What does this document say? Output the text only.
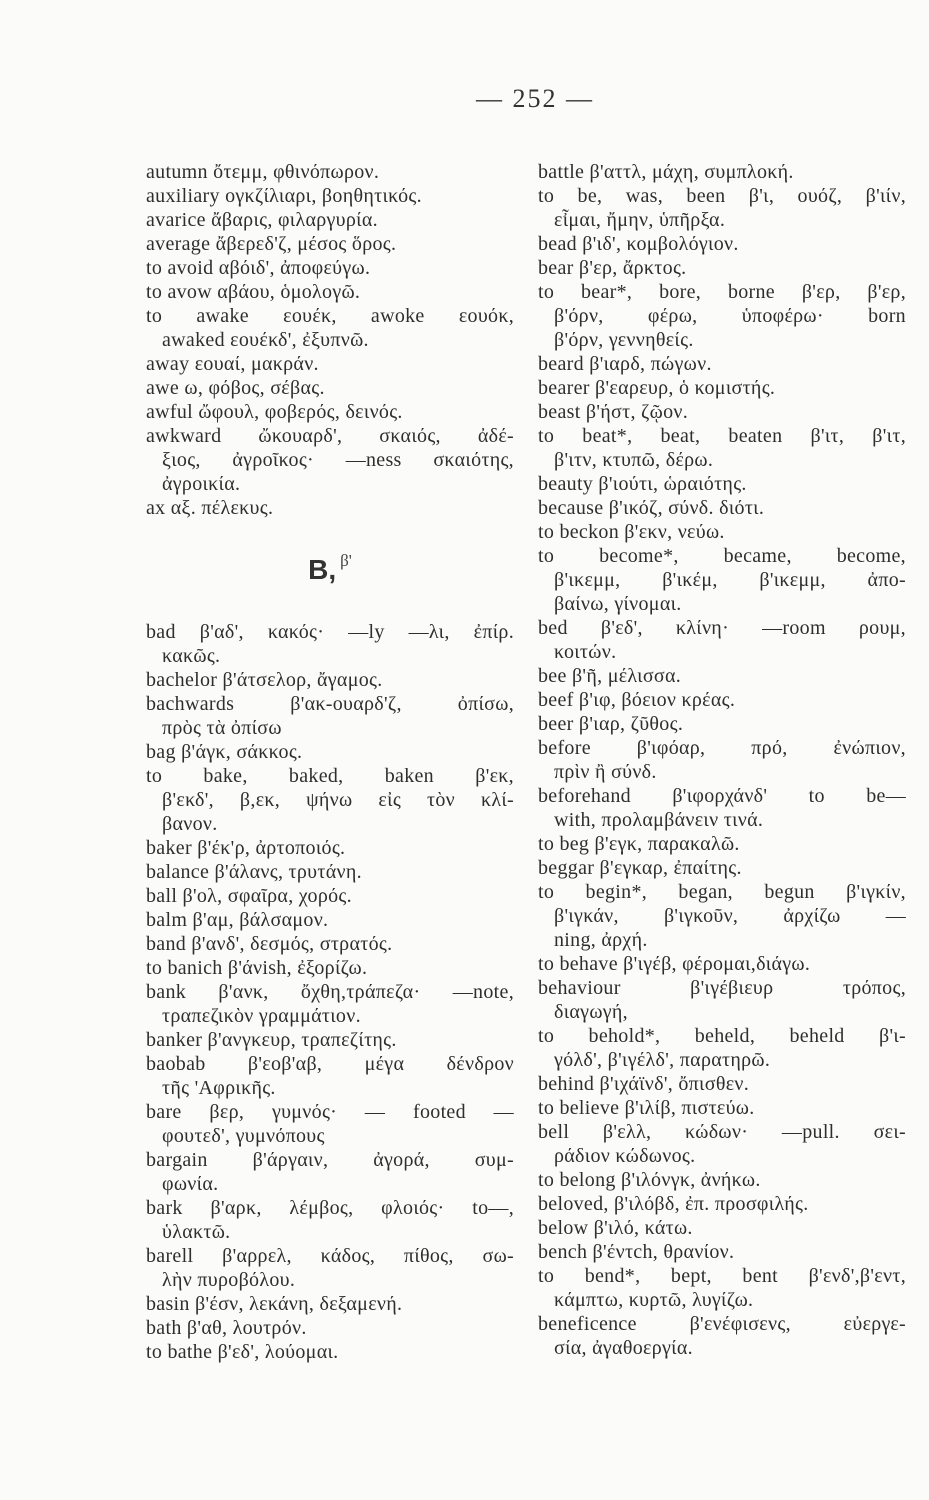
— 252 —
autumn ὄτεμμ, φθινόπωρον.
auxiliary ογκζίλιαρι, βοηθητικός.
avarice ἄβαρις, φιλαργυρία.
average ἄβερεδ'ζ, μέσος ὅρος.
to avoid αβόιδ', ἀποφεύγω.
to avow αβάου, ὁμολογῶ.
to awake εουέκ, awoke εουόκ,
awaked εουέκδ', ἐξυπνῶ.
away εουαί, μακράν.
awe ω, φόβος, σέβας.
awful ὤφουλ, φοβερός, δεινός.
awkward ὤκουαρδ', σκαιός, ἀδέ-
ξιος, ἀγροῖκος· —ness σκαιότης,
ἀγροικία.
ax αξ. πέλεκυς.
B, β'
bad β'αδ', κακός· —ly —λι, ἐπίρ.
κακῶς.
bachelor β'άτσελορ, ἄγαμος.
bachwards β'ακ-ουαρδ'ζ, ὀπίσω,
πρὸς τὰ ὀπίσω
bag β'άγκ, σάκκος.
to bake, baked, baken β'εκ,
β'εκδ', β,εκ, ψήνω εἰς τὸν κλί-
βανον.
baker β'έκ'ρ, ἀρτοποιός.
balance β'άλανς, τρυτάνη.
ball β'ολ, σφαῖρα, χορός.
balm β'αμ, βάλσαμον.
band β'ανδ', δεσμός, στρατός.
to banich β'άνish, ἐξορίζω.
bank β'ανκ, ὄχθη,τράπεζα· —note,
τραπεζικὸν γραμμάτιον.
banker β'ανγκευρ, τραπεζίτης.
baobab β'εοβ'αβ, μέγα δένδρον
τῆς 'Αφρικῆς.
bare βερ, γυμνός· — footed —
φουτεδ', γυμνόπους
bargain β'άργαιν, ἀγορά, συμ-
φωνία.
bark β'αρκ, λέμβος, φλοιός· to—,
ὑλακτῶ.
barell β'αρρελ, κάδος, πίθος, σω-
λὴν πυροβόλου.
basin β'έσν, λεκάνη, δεξαμενή.
bath β'αθ, λουτρόν.
to bathe β'εδ', λούομαι.
battle β'αττλ, μάχη, συμπλοκή.
to be, was, been β'ι, ουόζ, β'ιίν,
εἶμαι, ἤμην, ὑπῆρξα.
bead β'ιδ', κομβολόγιον.
bear β'ερ, ἄρκτος.
to bear*, bore, borne β'ερ, β'ερ,
β'όρν, φέρω, ὑποφέρω· born
β'όρν, γεννηθείς.
beard β'ιαρδ, πώγων.
bearer β'εαρευρ, ὁ κομιστής.
beast β'ήστ, ζῷον.
to beat*, beat, beaten β'ιτ, β'ιτ,
β'ιτν, κτυπῶ, δέρω.
beauty β'ιούτι, ὡραιότης.
because β'ικόζ, σύνδ. διότι.
to beckon β'εκν, νεύω.
to become*, became, become,
β'ικεμμ, β'ικέμ, β'ικεμμ, ἀπο-
βαίνω, γίνομαι.
bed β'εδ', κλίνη· —room ρουμ,
κοιτών.
bee β'ῆ, μέλισσα.
beef β'ιφ, βόειον κρέας.
beer β'ιαρ, ζῦθος.
before β'ιφόαρ, πρό, ἐνώπιον,
πρὶν ἢ σύνδ.
beforehand β'ιφορχάνδ' to be—
with, προλαμβάνειν τινά.
to beg β'εγκ, παρακαλῶ.
beggar β'εγκαρ, ἐπαίτης.
to begin*, began, begun β'ιγκίν,
β'ιγκάν, β'ιγκοῦν, ἀρχίζω —
ning, ἀρχή.
to behave β'ιγέβ, φέρομαι,διάγω.
behaviour β'ιγέβιευρ τρόπος,
διαγωγή,
to behold*, beheld, beheld β'ι-
γόλδ', β'ιγέλδ', παρατηρῶ.
behind β'ιχάϊνδ', ὄπισθεν.
to believe β'ιλίβ, πιστεύω.
bell β'ελλ, κώδων· —pull. σει-
ράδιον κώδωνος.
to belong β'ιλόνγκ, ἀνήκω.
beloved, β'ιλόβδ, ἐπ. προσφιλής.
below β'ιλό, κάτω.
bench β'έντch, θρανίον.
to bend*, bept, bent β'ενδ',β'εντ,
κάμπτω, κυρτῶ, λυγίζω.
beneficence β'ενέφισενς, εὐεργε-
σία, ἀγαθοεργία.
